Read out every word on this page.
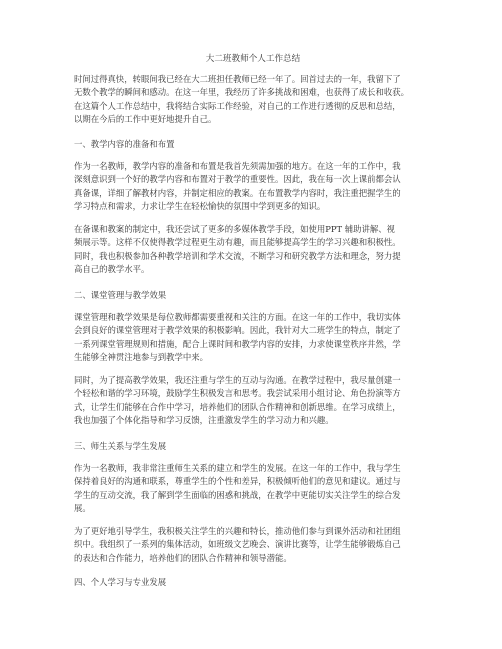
大二班教师个人工作总结
时间过得真快，转眼间我已经在大二班担任教师已经一年了。回首过去的一年，我留下了
无数个教学的瞬间和感动。在这一年里，我经历了许多挑战和困难，也获得了成长和收获。
在这篇个人工作总结中，我将结合实际工作经验，对自己的工作进行透彻的反思和总结，
以期在今后的工作中更好地提升自己。
一、教学内容的准备和布置
作为一名教师，教学内容的准备和布置是我首先须需加强的地方。在这一年的工作中，我
深刻意识到一个好的教学内容和布置对于教学的重要性。因此，我在每一次上课前都会认
真备课，详细了解教材内容，并制定相应的教案。在布置教学内容时，我注重把握学生的
学习特点和需求，力求让学生在轻松愉快的氛围中学到更多的知识。
在备课和教案的制定中，我还尝试了更多的多媒体教学手段，如使用PPT 辅助讲解、视
频展示等。这样不仅使得教学过程更生动有趣，而且能够提高学生的学习兴趣和积极性。
同时，我也积极参加各种教学培训和学术交流，不断学习和研究教学方法和理念，努力提
高自己的教学水平。
二、课堂管理与教学效果
课堂管理和教学效果是每位教师都需要重视和关注的方面。在这一年的工作中，我切实体
会到良好的课堂管理对于教学效果的积极影响。因此，我针对大二班学生的特点，制定了
一系列课堂管理规则和措施，配合上课时间和教学内容的安排，力求使课堂秩序井然，学
生能够全神贯注地参与到教学中来。
同时，为了提高教学效果，我还注重与学生的互动与沟通。在教学过程中，我尽量创建一
个轻松和谐的学习环境，鼓励学生积极发言和思考。我尝试采用小组讨论、角色扮演等方
式，让学生们能够在合作中学习，培养他们的团队合作精神和创新思维。在学习成绩上，
我也加强了个体化指导和学习反馈，注重激发学生的学习动力和兴趣。
三、师生关系与学生发展
作为一名教师，我非常注重师生关系的建立和学生的发展。在这一年的工作中，我与学生
保持着良好的沟通和联系，尊重学生的个性和差异，积极倾听他们的意见和建议。通过与
学生的互动交流，我了解到学生面临的困惑和挑战，在教学中更能切实关注学生的综合发
展。
为了更好地引导学生，我积极关注学生的兴趣和特长，推动他们参与到课外活动和社团组
织中。我组织了一系列的集体活动，如班级文艺晚会、演讲比赛等，让学生能够锻炼自己
的表达和合作能力，培养他们的团队合作精神和领导潜能。
四、个人学习与专业发展
